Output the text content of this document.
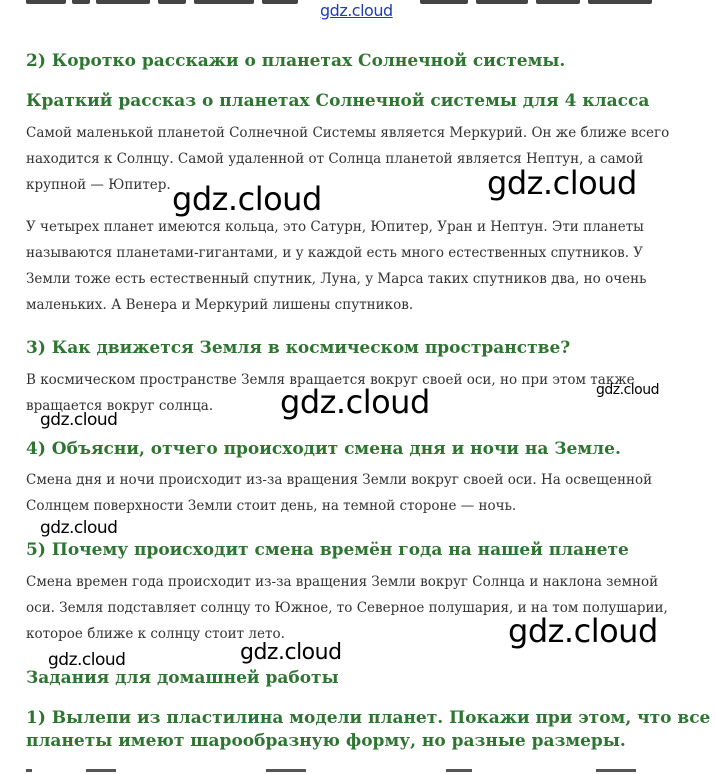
gdz.cloud
2) Коротко расскажи о планетах Солнечной системы.
Краткий рассказ о планетах Солнечной системы для 4 класса
Самой маленькой планетой Солнечной Системы является Меркурий. Он же ближе всего
находится к Солнцу. Самой удаленной от Солнца планетой является Нептун, а самой
крупной — Юпитер.
У четырех планет имеются кольца, это Сатурн, Юпитер, Уран и Нептун. Эти планеты
называются планетами-гигантами, и у каждой есть много естественных спутников. У
Земли тоже есть естественный спутник, Луна, у Марса таких спутников два, но очень
маленьких. А Венера и Меркурий лишены спутников.
3) Как движется Земля в космическом пространстве?
В космическом пространстве Земля вращается вокруг своей оси, но при этом также
вращается вокруг солнца.
4) Объясни, отчего происходит смена дня и ночи на Земле.
Смена дня и ночи происходит из-за вращения Земли вокруг своей оси. На освещенной
Солнцем поверхности Земли стоит день, на темной стороне — ночь.
5) Почему происходит смена времён года на нашей планете
Смена времен года происходит из-за вращения Земли вокруг Солнца и наклона земной
оси. Земля подставляет солнцу то Южное, то Северное полушария, и на том полушарии,
которое ближе к солнцу стоит лето.
Задания для домашней работы
1) Вылепи из пластилина модели планет. Покажи при этом, что все
планеты имеют шарообразную форму, но разные размеры.
gdz.cloud	gdz.cloud
gdz.cloud	gdz.cloud
gdz.cloud
gdz.cloud
gdz.cloud
gdz.cloud
gdz.cloud
